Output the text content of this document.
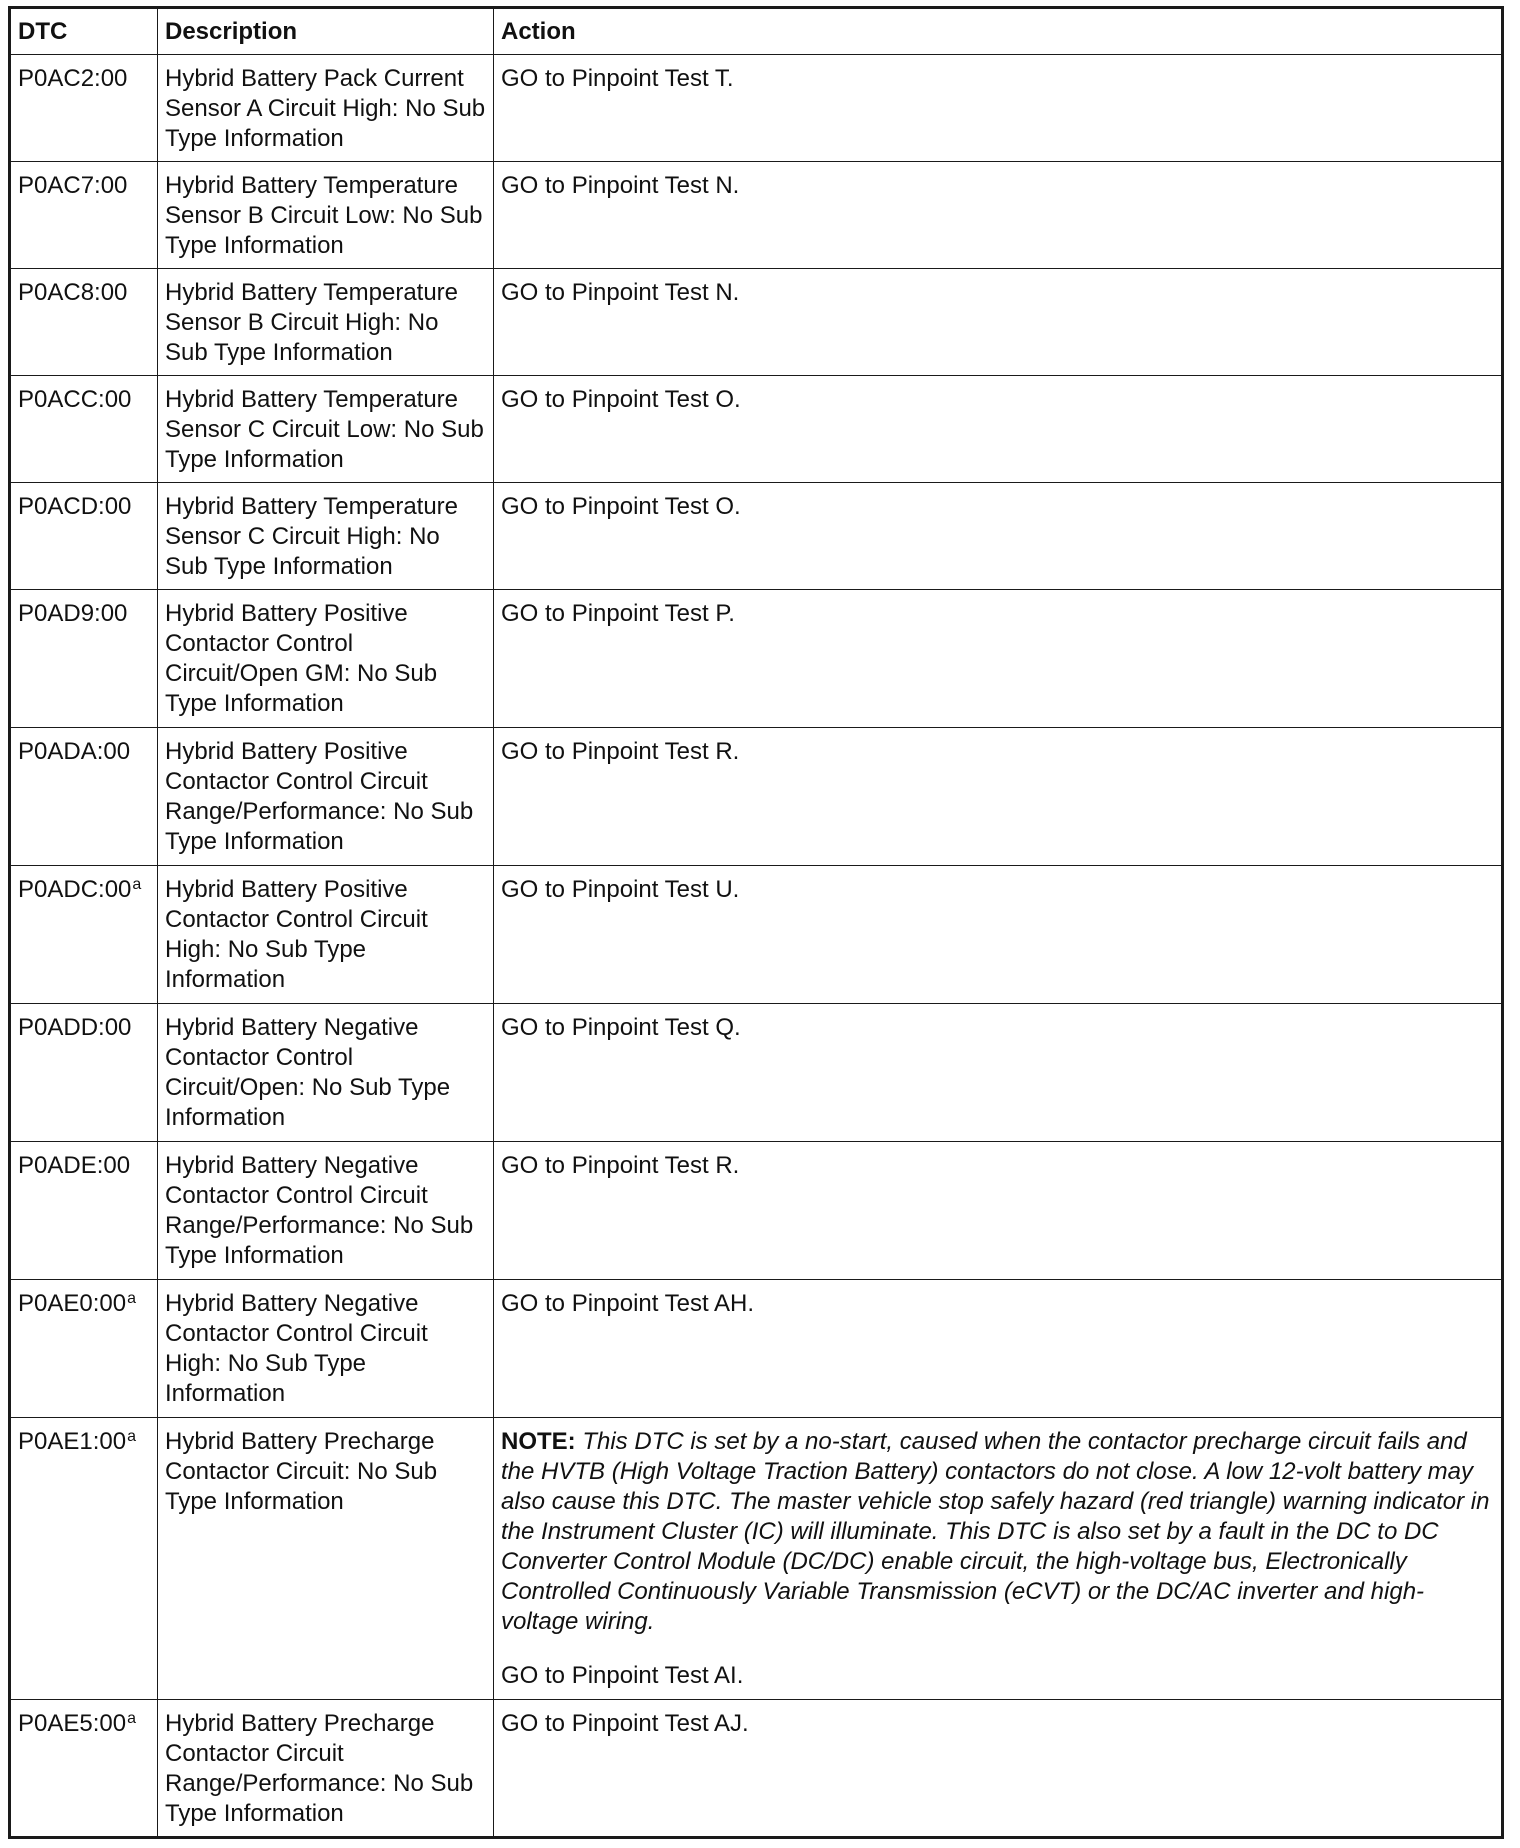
DTC	Description	Action
P0AC2:00	Hybrid Battery Pack Current Sensor A Circuit High: No Sub Type Information	GO to Pinpoint Test T.

P0AC7:00	Hybrid Battery Temperature Sensor B Circuit Low: No Sub Type Information	GO to Pinpoint Test N.

P0AC8:00	Hybrid Battery Temperature Sensor B Circuit High: No Sub Type Information	GO to Pinpoint Test N.

P0ACC:00	Hybrid Battery Temperature Sensor C Circuit Low: No Sub Type Information	GO to Pinpoint Test O.

P0ACD:00	Hybrid Battery Temperature Sensor C Circuit High: No Sub Type Information	GO to Pinpoint Test O.

P0AD9:00	Hybrid Battery Positive Contactor Control Circuit/Open GM: No Sub Type Information	GO to Pinpoint Test P.

P0ADA:00	Hybrid Battery Positive Contactor Control Circuit Range/Performance: No Sub Type Information	GO to Pinpoint Test R.

P0ADC:00$^a$	Hybrid Battery Positive Contactor Control Circuit High: No Sub Type Information	GO to Pinpoint Test U.

P0ADD:00	Hybrid Battery Negative Contactor Control Circuit/Open: No Sub Type Information	GO to Pinpoint Test Q.

P0ADE:00	Hybrid Battery Negative Contactor Control Circuit Range/Performance: No Sub Type Information	GO to Pinpoint Test R.

P0AE0:00$^a$	Hybrid Battery Negative Contactor Control Circuit High: No Sub Type Information	GO to Pinpoint Test AH.

P0AE1:00$^a$	Hybrid Battery Precharge Contactor Circuit: No Sub Type Information	NOTE: This DTC is set by a no-start, caused when the contactor precharge circuit fails and the HVTB (High Voltage Traction Battery) contactors do not close. A low 12-volt battery may also cause this DTC. The master vehicle stop safely hazard (red triangle) warning indicator in the Instrument Cluster (IC) will illuminate. This DTC is also set by a fault in the DC to DC Converter Control Module (DC/DC) enable circuit, the high-voltage bus, Electronically Controlled Continuously Variable Transmission (eCVT) or the DC/AC inverter and high-voltage wiring.
GO to Pinpoint Test AI.

P0AE5:00$^a$	Hybrid Battery Precharge Contactor Circuit Range/Performance: No Sub Type Information	GO to Pinpoint Test AJ.
